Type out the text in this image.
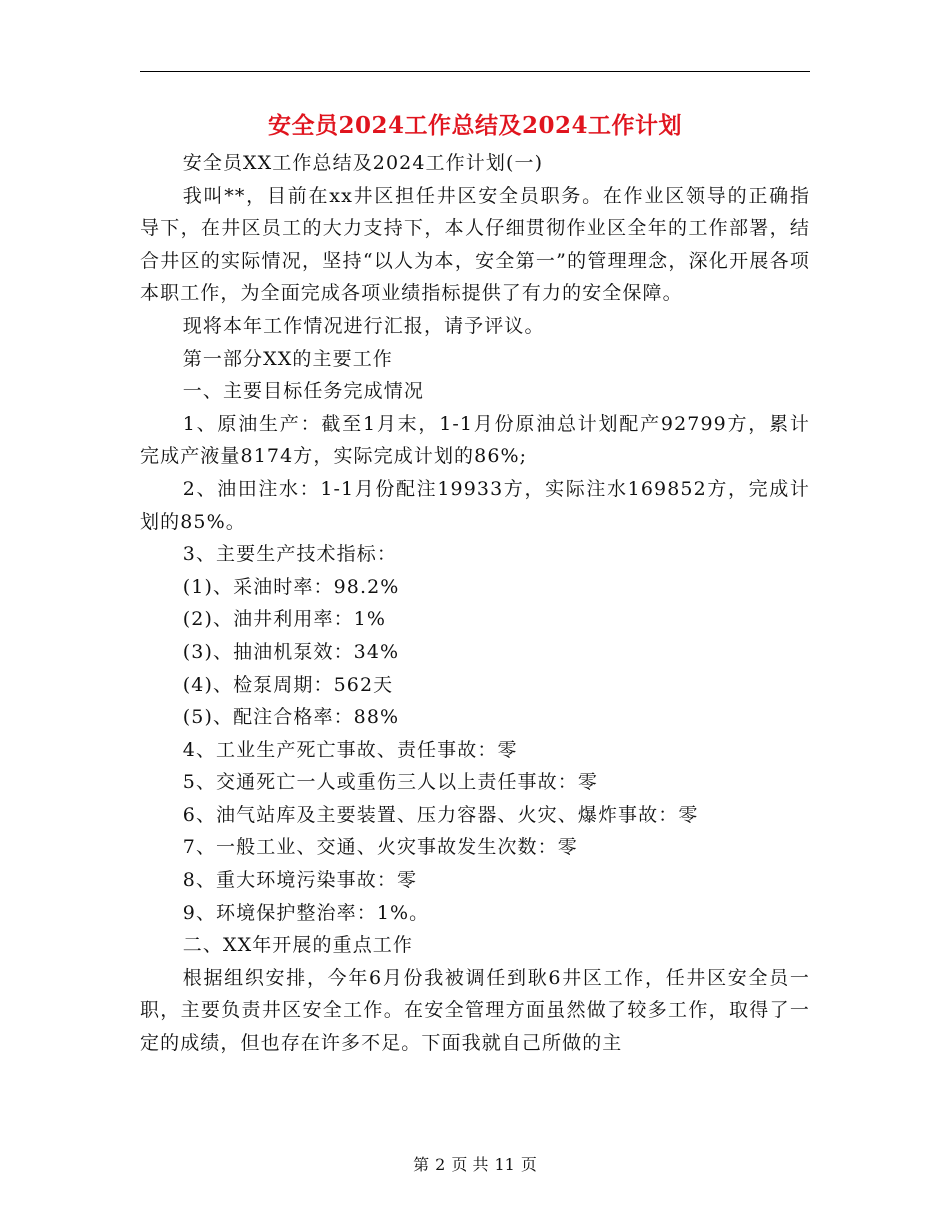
安全员2024工作总结及2024工作计划

安全员XX工作总结及2024工作计划(一)

我叫**，目前在xx井区担任井区安全员职务。在作业区领导的正确指导下，在井区员工的大力支持下，本人仔细贯彻作业区全年的工作部署，结合井区的实际情况，坚持“以人为本，安全第一”的管理理念，深化开展各项本职工作，为全面完成各项业绩指标提供了有力的安全保障。

现将本年工作情况进行汇报，请予评议。

第一部分XX的主要工作

一、主要目标任务完成情况

1、原油生产：截至1月末，1-1月份原油总计划配产92799方，累计完成产液量8174方，实际完成计划的86%;

2、油田注水：1-1月份配注19933方，实际注水169852方，完成计划的85%。

3、主要生产技术指标：

(1)、采油时率：98.2%

(2)、油井利用率：1%

(3)、抽油机泵效：34%

(4)、检泵周期：562天

(5)、配注合格率：88%

4、工业生产死亡事故、责任事故：零

5、交通死亡一人或重伤三人以上责任事故：零

6、油气站库及主要装置、压力容器、火灾、爆炸事故：零

7、一般工业、交通、火灾事故发生次数：零

8、重大环境污染事故：零

9、环境保护整治率：1%。

二、XX年开展的重点工作

根据组织安排，今年6月份我被调任到耿6井区工作，任井区安全员一职，主要负责井区安全工作。在安全管理方面虽然做了较多工作，取得了一定的成绩，但也存在许多不足。下面我就自己所做的主

第 2 页 共 11 页
